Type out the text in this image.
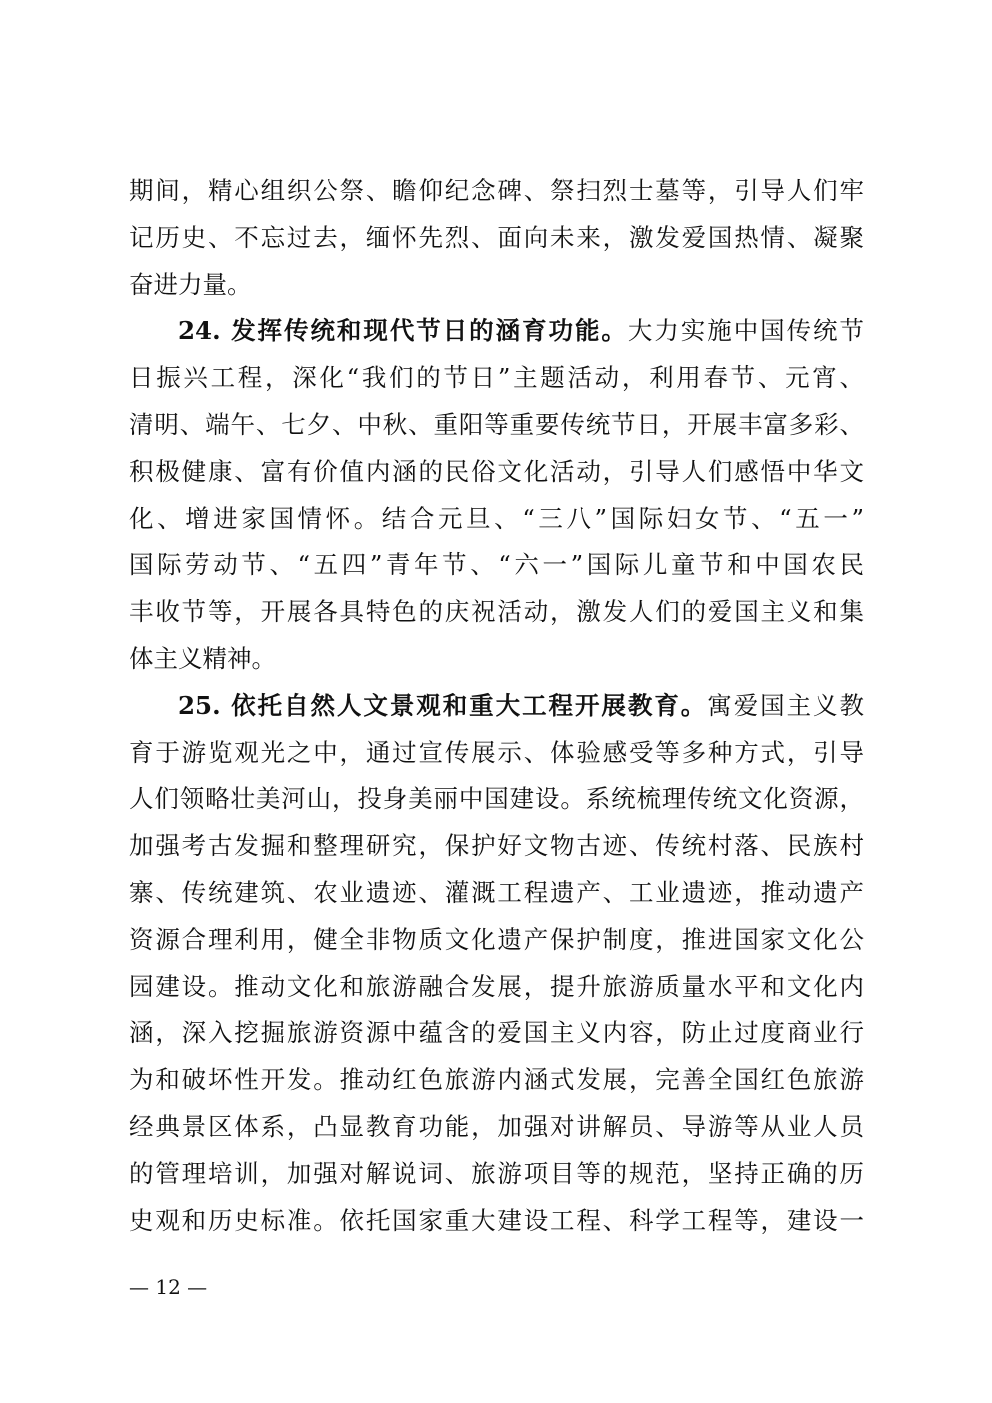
期间，精心组织公祭、瞻仰纪念碑、祭扫烈士墓等，引导人们牢
记历史、不忘过去，缅怀先烈、面向未来，激发爱国热情、凝聚
奋进力量。
24. 发挥传统和现代节日的涵育功能。大力实施中国传统节
日振兴工程，深化“我们的节日”主题活动，利用春节、元宵、
清明、端午、七夕、中秋、重阳等重要传统节日，开展丰富多彩、
积极健康、富有价值内涵的民俗文化活动，引导人们感悟中华文
化、增进家国情怀。结合元旦、“三八”国际妇女节、“五一”
国际劳动节、“五四”青年节、“六一”国际儿童节和中国农民
丰收节等，开展各具特色的庆祝活动，激发人们的爱国主义和集
体主义精神。
25. 依托自然人文景观和重大工程开展教育。寓爱国主义教
育于游览观光之中，通过宣传展示、体验感受等多种方式，引导
人们领略壮美河山，投身美丽中国建设。系统梳理传统文化资源，
加强考古发掘和整理研究，保护好文物古迹、传统村落、民族村
寨、传统建筑、农业遗迹、灌溉工程遗产、工业遗迹，推动遗产
资源合理利用，健全非物质文化遗产保护制度，推进国家文化公
园建设。推动文化和旅游融合发展，提升旅游质量水平和文化内
涵，深入挖掘旅游资源中蕴含的爱国主义内容，防止过度商业行
为和破坏性开发。推动红色旅游内涵式发展，完善全国红色旅游
经典景区体系，凸显教育功能，加强对讲解员、导游等从业人员
的管理培训，加强对解说词、旅游项目等的规范，坚持正确的历
史观和历史标准。依托国家重大建设工程、科学工程等，建设一
— 12 —
